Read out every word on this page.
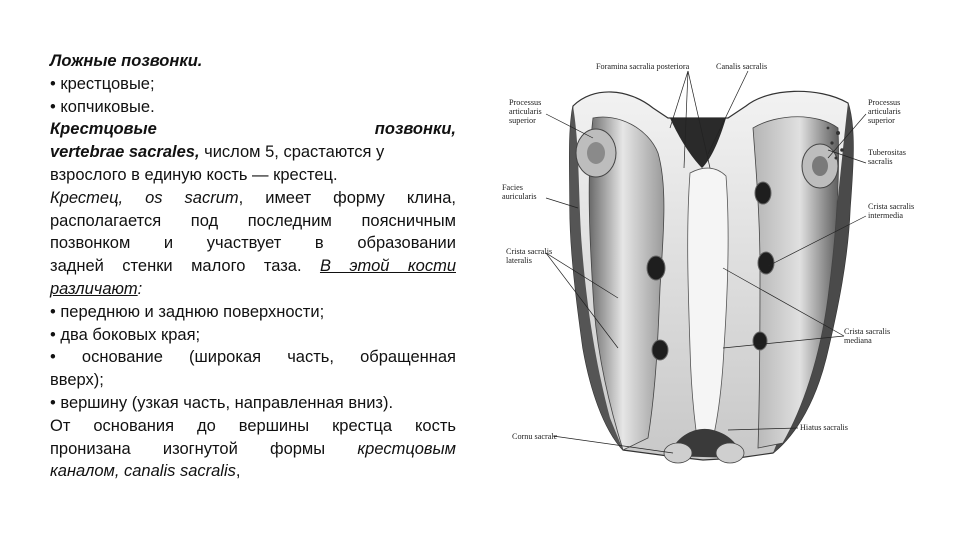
Ложные позвонки.

• крестцовые;

• копчиковые.

Крестцовые	позвонки,

vertebrae sacrales, числом 5, срастаются у

взрослого в единую кость — крестец.

Крестец, os sacrum, имеет форму клина,

располагается под последним поясничным

позвонком и участвует в образовании

задней стенки малого таза. В этой кости

различают:

• переднюю и заднюю поверхности;

• два боковых края;

• основание (широкая часть, обращенная

вверх);

• вершину (узкая часть, направленная вниз).

От основания до вершины крестца кость

пронизана изогнутой формы крестцовым

каналом, canalis sacralis,

Foramina sacralia posteriora	Canalis sacralis
Processus
articularis
superior
Processus
articularis
superior
Tuberositas
sacralis
Facies
auricularis
Crista sacralis
intermedia
Crista sacralis
lateralis
Crista sacralis
mediana
Hiatus sacralis
Cornu sacrale
